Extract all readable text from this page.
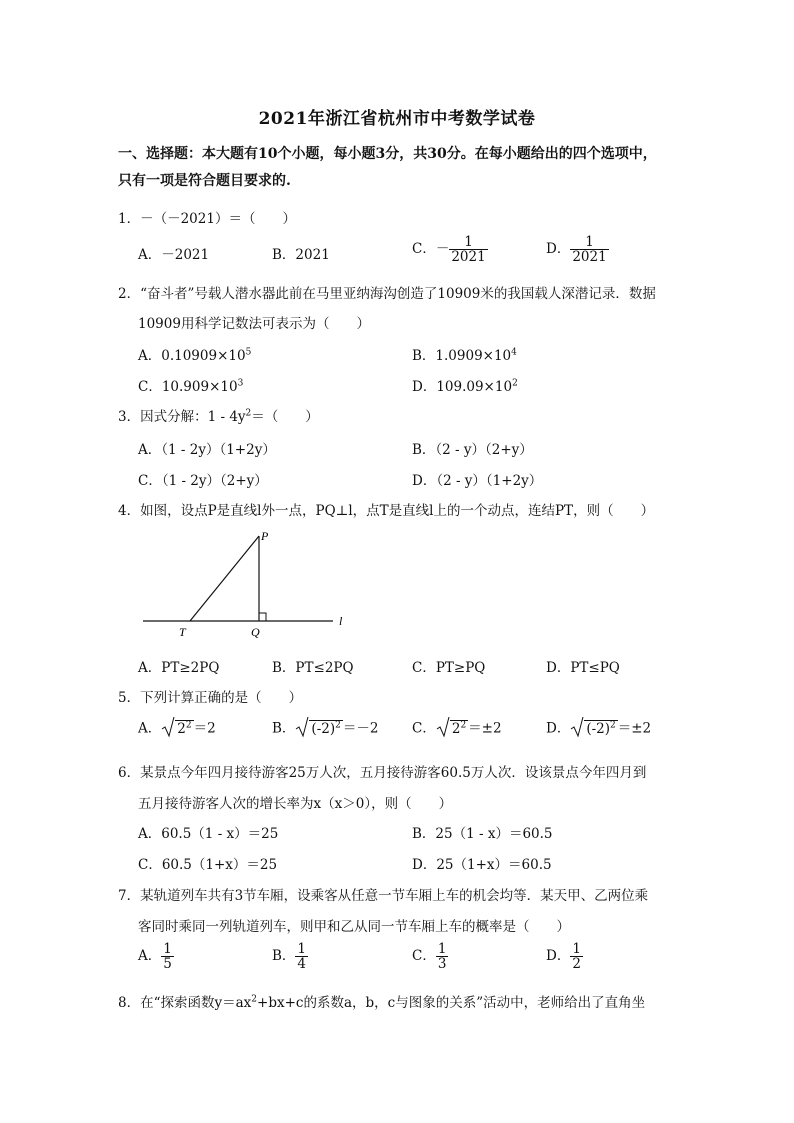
2021年浙江省杭州市中考数学试卷
一、选择题：本大题有10个小题，每小题3分，共30分。在每小题给出的四个选项中，
只有一项是符合题目要求的.
1．－（－2021）＝（　　）
A．－2021	B．2021	C．－ $\frac{1}{2021}$	D． $\frac{1}{2021}$
2．“奋斗者”号载人潜水器此前在马里亚纳海沟创造了10909米的我国载人深潜记录．数据
10909用科学记数法可表示为（　　）
A．$0.10909\times 10^5$	B．$1.0909\times 10^4$
C．$10.909\times 10^3$	D．$109.09\times 10^2$
3．因式分解：$1 - 4y^2=$（　　）
A．（1 - 2y）（1+2y）	B．（2 - y）（2+y）
C．（1 - 2y）（2+y）	D．（2 - y）（1+2y）
4．如图，设点P是直线l外一点，PQ⊥l，点T是直线l上的一个动点，连结PT，则（　　）
P
T	Q
l
A．PT≥2PQ	B．PT≤2PQ	C．PT≥PQ	D．PT≤PQ
5．下列计算正确的是（　　）
A． $2^2 =2$	B． $(-2)^2 =-2$ C． $2^2 =\pm 2$	D． $(-2)^2 =\pm 2$
6．某景点今年四月接待游客25万人次，五月接待游客60.5万人次．设该景点今年四月到
五月接待游客人次的增长率为x（x＞0），则（　　）
A．60.5（1 - x）＝25	B．25（1 - x）＝60.5
C．60.5（1+x）＝25	D．25（1+x）＝60.5
7．某轨道列车共有3节车厢，设乘客从任意一节车厢上车的机会均等．某天甲、乙两位乘
客同时乘同一列轨道列车，则甲和乙从同一节车厢上车的概率是（　　）
A． $\frac{1}{5}$	B． $\frac{1}{4}$	C． $\frac{1}{3}$	D． $\frac{1}{2}$
8．在“探索函数$y=ax^2+bx+c$的系数a，b，c与图象的关系”活动中，老师给出了直角坐
